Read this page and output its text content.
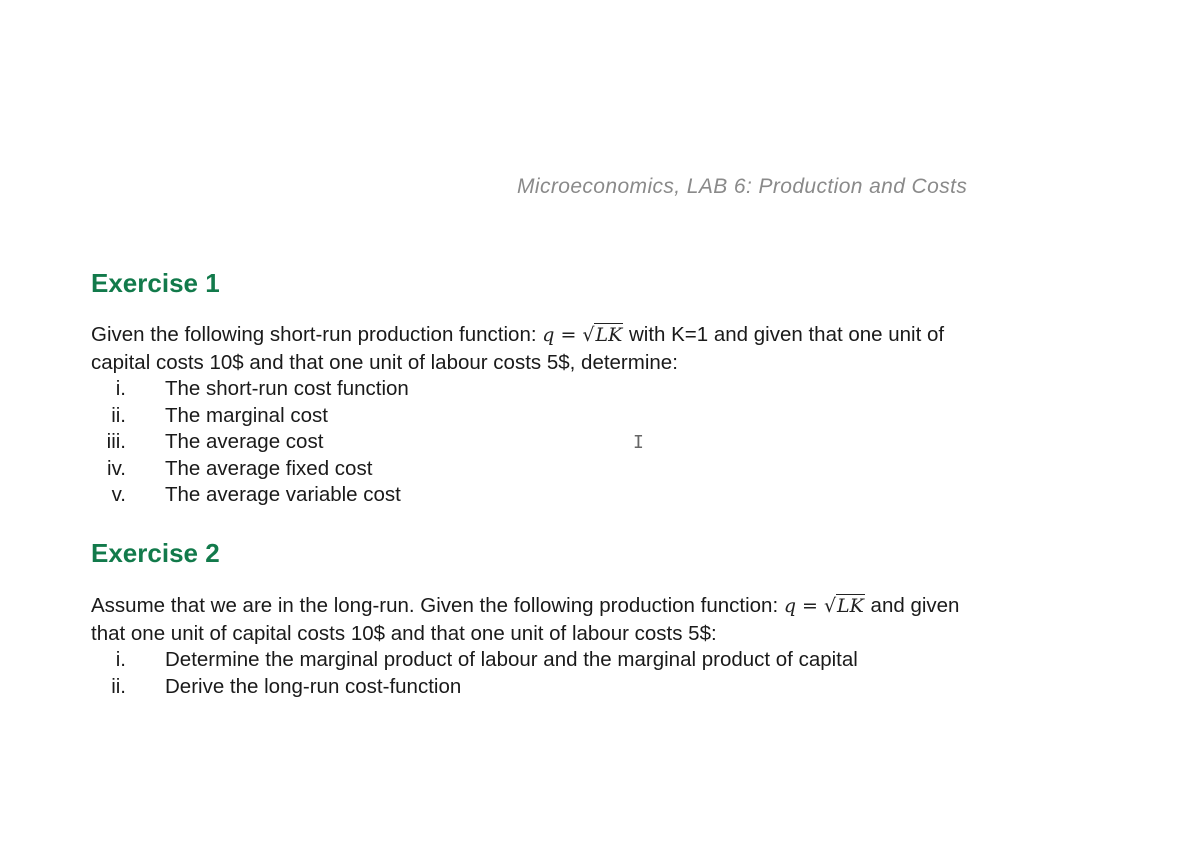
Microeconomics, LAB 6: Production and Costs
Exercise 1
Given the following short-run production function: q = √LK with K=1 and given that one unit of
capital costs 10$ and that one unit of labour costs 5$, determine:
i. The short-run cost function
ii. The marginal cost
iii. The average cost
iv. The average fixed cost
v. The average variable cost
I
Exercise 2
Assume that we are in the long-run. Given the following production function: q = √LK and given
that one unit of capital costs 10$ and that one unit of labour costs 5$:
i. Determine the marginal product of labour and the marginal product of capital
ii. Derive the long-run cost-function
